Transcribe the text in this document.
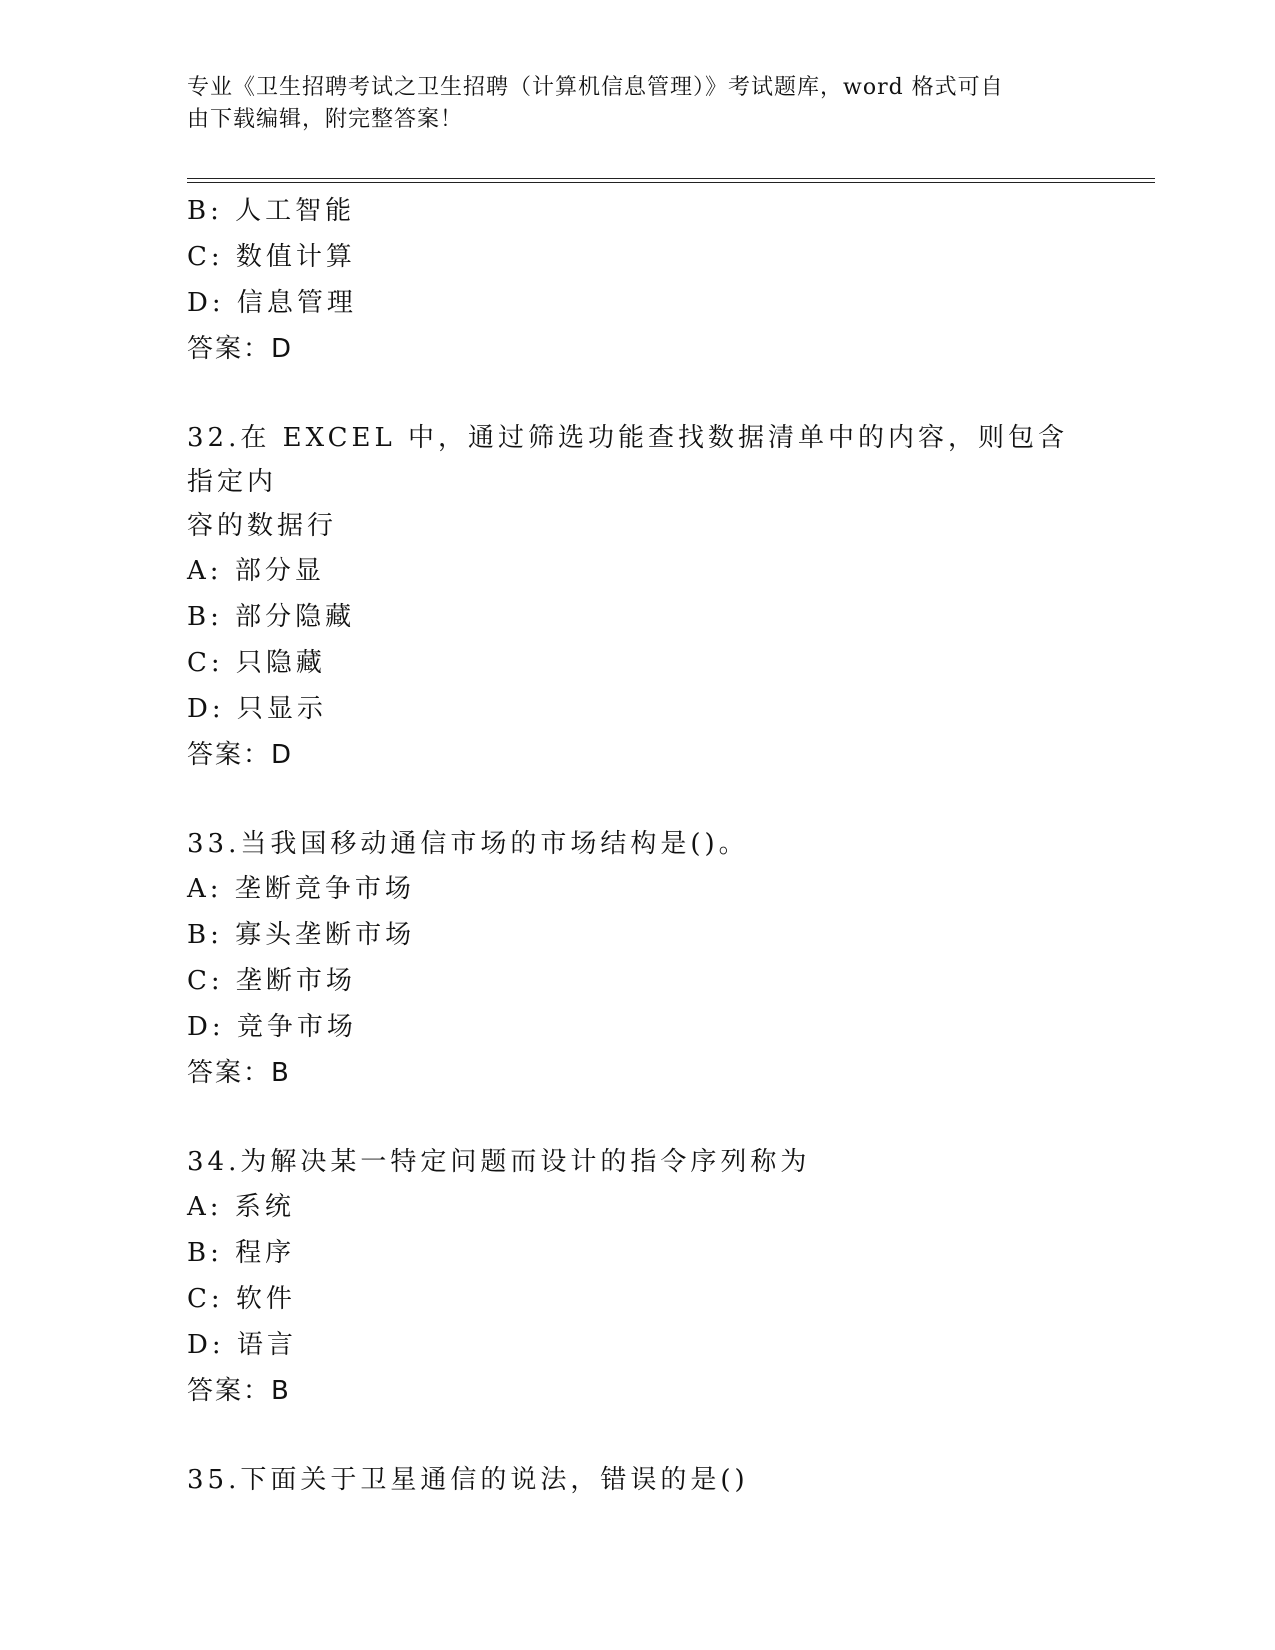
专业《卫生招聘考试之卫生招聘（计算机信息管理）》考试题库，word 格式可自
由下载编辑，附完整答案！
B: 人工智能
C: 数值计算
D: 信息管理
答案：D
32.在 EXCEL 中，通过筛选功能查找数据清单中的内容，则包含指定内
容的数据行
A: 部分显
B: 部分隐藏
C: 只隐藏
D: 只显示
答案：D
33.当我国移动通信市场的市场结构是()。
A: 垄断竞争市场
B: 寡头垄断市场
C: 垄断市场
D: 竞争市场
答案：B
34.为解决某一特定问题而设计的指令序列称为
A: 系统
B: 程序
C: 软件
D: 语言
答案：B
35.下面关于卫星通信的说法，错误的是()
